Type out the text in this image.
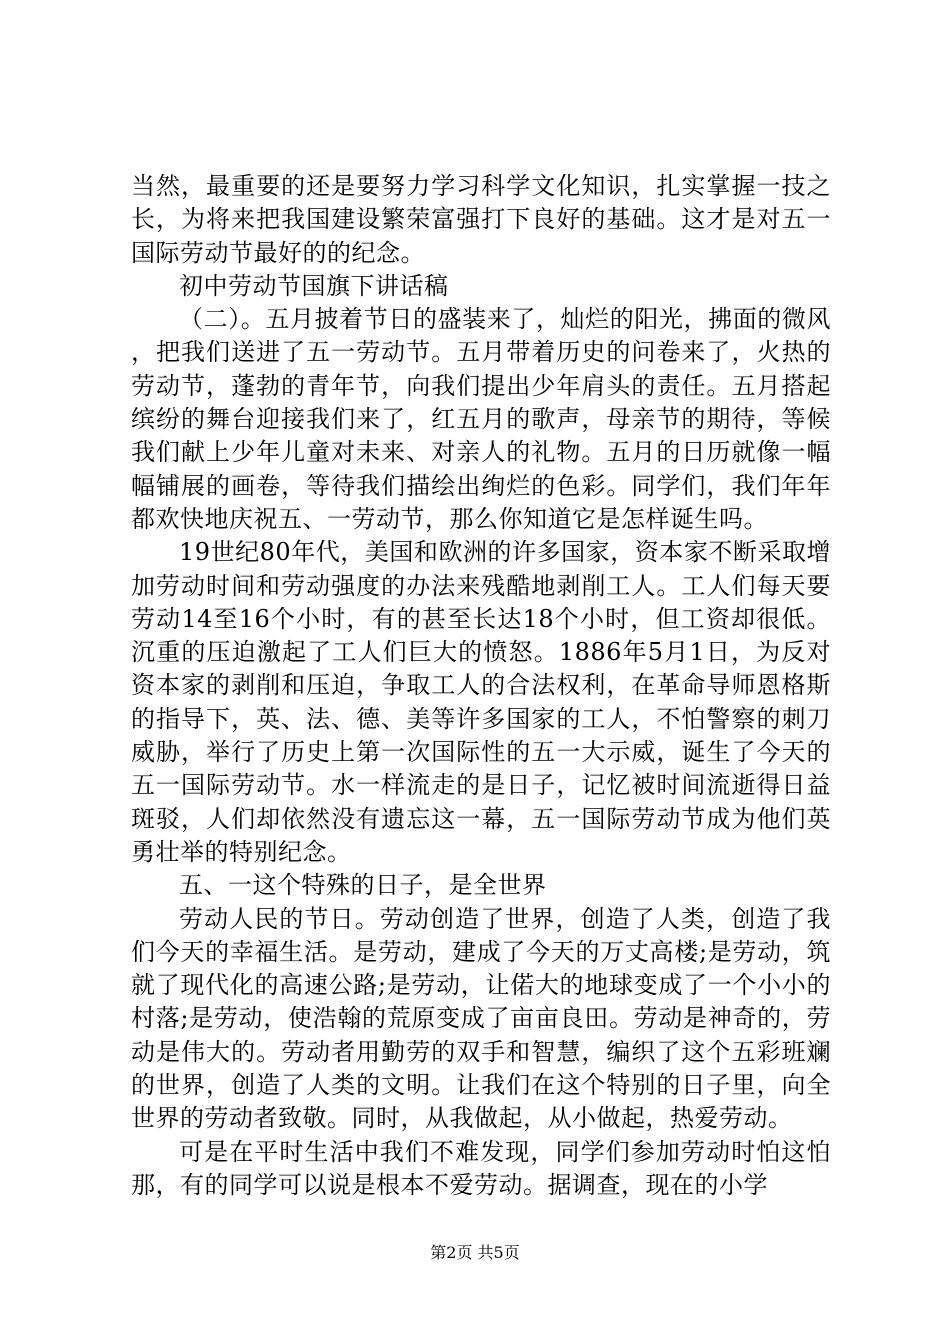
当然，最重要的还是要努力学习科学文化知识，扎实掌握一技之长，为将来把我国建设繁荣富强打下良好的基础。这才是对五一国际劳动节最好的的纪念。

初中劳动节国旗下讲话稿

（二）。五月披着节日的盛装来了，灿烂的阳光，拂面的微风，把我们送进了五一劳动节。五月带着历史的问卷来了，火热的劳动节，蓬勃的青年节，向我们提出少年肩头的责任。五月搭起缤纷的舞台迎接我们来了，红五月的歌声，母亲节的期待，等候我们献上少年儿童对未来、对亲人的礼物。五月的日历就像一幅幅铺展的画卷，等待我们描绘出绚烂的色彩。同学们，我们年年都欢快地庆祝五、一劳动节，那么你知道它是怎样诞生吗。

19世纪80年代，美国和欧洲的许多国家，资本家不断采取增加劳动时间和劳动强度的办法来残酷地剥削工人。工人们每天要劳动14至16个小时，有的甚至长达18个小时，但工资却很低。沉重的压迫激起了工人们巨大的愤怒。1886年5月1日，为反对资本家的剥削和压迫，争取工人的合法权利，在革命导师恩格斯的指导下，英、法、德、美等许多国家的工人，不怕警察的刺刀威胁，举行了历史上第一次国际性的五一大示威，诞生了今天的五一国际劳动节。水一样流走的是日子，记忆被时间流逝得日益斑驳，人们却依然没有遗忘这一幕，五一国际劳动节成为他们英勇壮举的特别纪念。

五、一这个特殊的日子，是全世界

劳动人民的节日。劳动创造了世界，创造了人类，创造了我们今天的幸福生活。是劳动，建成了今天的万丈高楼;是劳动，筑就了现代化的高速公路;是劳动，让偌大的地球变成了一个小小的村落;是劳动，使浩翰的荒原变成了亩亩良田。劳动是神奇的，劳动是伟大的。劳动者用勤劳的双手和智慧，编织了这个五彩班斓的世界，创造了人类的文明。让我们在这个特别的日子里，向全世界的劳动者致敬。同时，从我做起，从小做起，热爱劳动。

可是在平时生活中我们不难发现，同学们参加劳动时怕这怕那，有的同学可以说是根本不爱劳动。据调查，现在的小学

第2页 共5页
